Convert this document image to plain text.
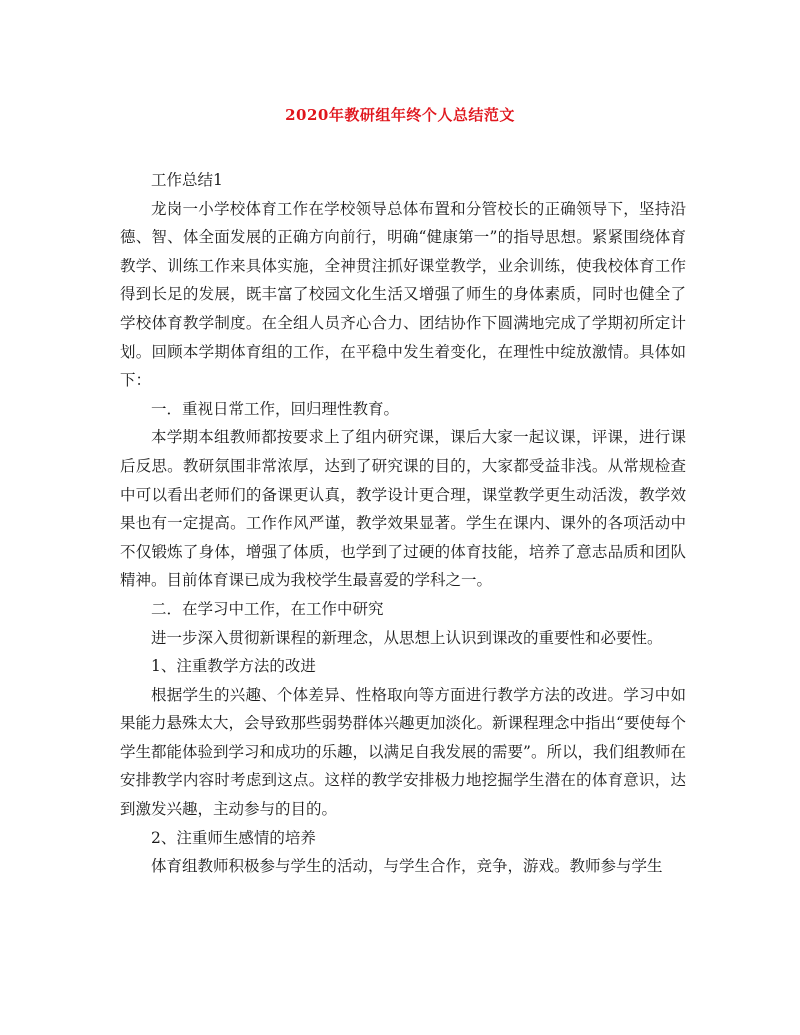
2020年教研组年终个人总结范文

工作总结1

龙岗一小学校体育工作在学校领导总体布置和分管校长的正确领导下，坚持沿德、智、体全面发展的正确方向前行，明确“健康第一”的指导思想。紧紧围绕体育教学、训练工作来具体实施，全神贯注抓好课堂教学，业余训练，使我校体育工作得到长足的发展，既丰富了校园文化生活又增强了师生的身体素质，同时也健全了学校体育教学制度。在全组人员齐心合力、团结协作下圆满地完成了学期初所定计划。回顾本学期体育组的工作，在平稳中发生着变化，在理性中绽放激情。具体如下：

一．重视日常工作，回归理性教育。

本学期本组教师都按要求上了组内研究课，课后大家一起议课，评课，进行课后反思。教研氛围非常浓厚，达到了研究课的目的，大家都受益非浅。从常规检查中可以看出老师们的备课更认真，教学设计更合理，课堂教学更生动活泼，教学效果也有一定提高。工作作风严谨，教学效果显著。学生在课内、课外的各项活动中不仅锻炼了身体，增强了体质，也学到了过硬的体育技能，培养了意志品质和团队精神。目前体育课已成为我校学生最喜爱的学科之一。

二．在学习中工作，在工作中研究

进一步深入贯彻新课程的新理念，从思想上认识到课改的重要性和必要性。

1、注重教学方法的改进

根据学生的兴趣、个体差异、性格取向等方面进行教学方法的改进。学习中如果能力悬殊太大，会导致那些弱势群体兴趣更加淡化。新课程理念中指出“要使每个学生都能体验到学习和成功的乐趣，以满足自我发展的需要”。所以，我们组教师在安排教学内容时考虑到这点。这样的教学安排极力地挖掘学生潜在的体育意识，达到激发兴趣，主动参与的目的。

2、注重师生感情的培养

体育组教师积极参与学生的活动，与学生合作，竞争，游戏。教师参与学生
